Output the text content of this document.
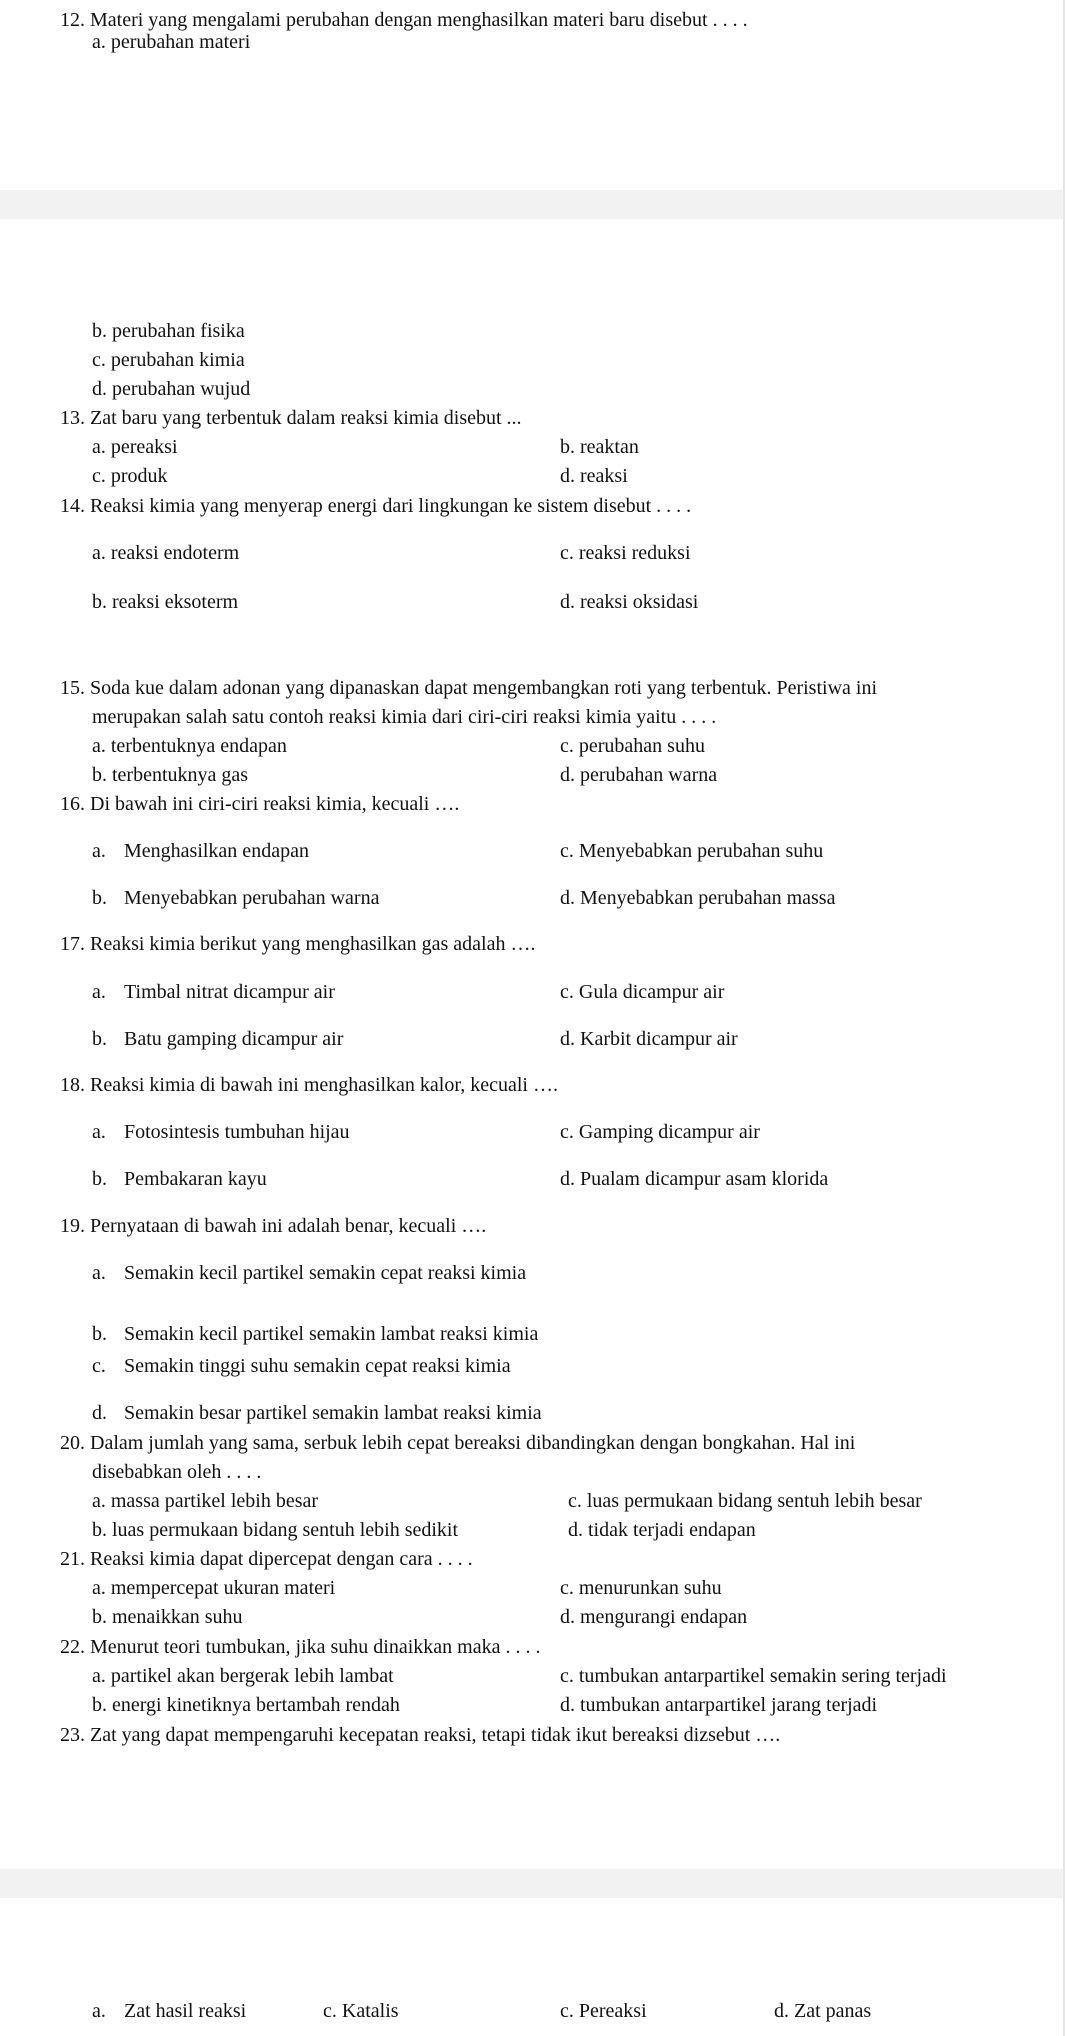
12. Materi yang mengalami perubahan dengan menghasilkan materi baru disebut . . . .
a. perubahan materi
b. perubahan fisika
c. perubahan kimia
d. perubahan wujud
13. Zat baru yang terbentuk dalam reaksi kimia disebut ...
a. pereaksi	b. reaktan
c. produk	d. reaksi
14. Reaksi kimia yang menyerap energi dari lingkungan ke sistem disebut . . . .
a. reaksi endoterm	c. reaksi reduksi
b. reaksi eksoterm	d. reaksi oksidasi
15. Soda kue dalam adonan yang dipanaskan dapat mengembangkan roti yang terbentuk. Peristiwa ini
merupakan salah satu contoh reaksi kimia dari ciri-ciri reaksi kimia yaitu . . . .
a. terbentuknya endapan	c. perubahan suhu
b. terbentuknya gas	d. perubahan warna
16. Di bawah ini ciri-ciri reaksi kimia, kecuali ….
a. Menghasilkan endapan	c. Menyebabkan perubahan suhu
b. Menyebabkan perubahan warna	d. Menyebabkan perubahan massa
17. Reaksi kimia berikut yang menghasilkan gas adalah ….
a. Timbal nitrat dicampur air	c. Gula dicampur air
b. Batu gamping dicampur air	d. Karbit dicampur air
18. Reaksi kimia di bawah ini menghasilkan kalor, kecuali ….
a. Fotosintesis tumbuhan hijau	c. Gamping dicampur air
b. Pembakaran kayu	d. Pualam dicampur asam klorida
19. Pernyataan di bawah ini adalah benar, kecuali ….
a. Semakin kecil partikel semakin cepat reaksi kimia
b. Semakin kecil partikel semakin lambat reaksi kimia
c. Semakin tinggi suhu semakin cepat reaksi kimia
d. Semakin besar partikel semakin lambat reaksi kimia
20. Dalam jumlah yang sama, serbuk lebih cepat bereaksi dibandingkan dengan bongkahan. Hal ini
disebabkan oleh . . . .
a. massa partikel lebih besar	c. luas permukaan bidang sentuh lebih besar
b. luas permukaan bidang sentuh lebih sedikit	d. tidak terjadi endapan
21. Reaksi kimia dapat dipercepat dengan cara . . . .
a. mempercepat ukuran materi	c. menurunkan suhu
b. menaikkan suhu	d. mengurangi endapan
22. Menurut teori tumbukan, jika suhu dinaikkan maka . . . .
a. partikel akan bergerak lebih lambat	c. tumbukan antarpartikel semakin sering terjadi
b. energi kinetiknya bertambah rendah	d. tumbukan antarpartikel jarang terjadi
23. Zat yang dapat mempengaruhi kecepatan reaksi, tetapi tidak ikut bereaksi dizsebut ….
a. Zat hasil reaksi	c. Katalis	c. Pereaksi	d. Zat panas
